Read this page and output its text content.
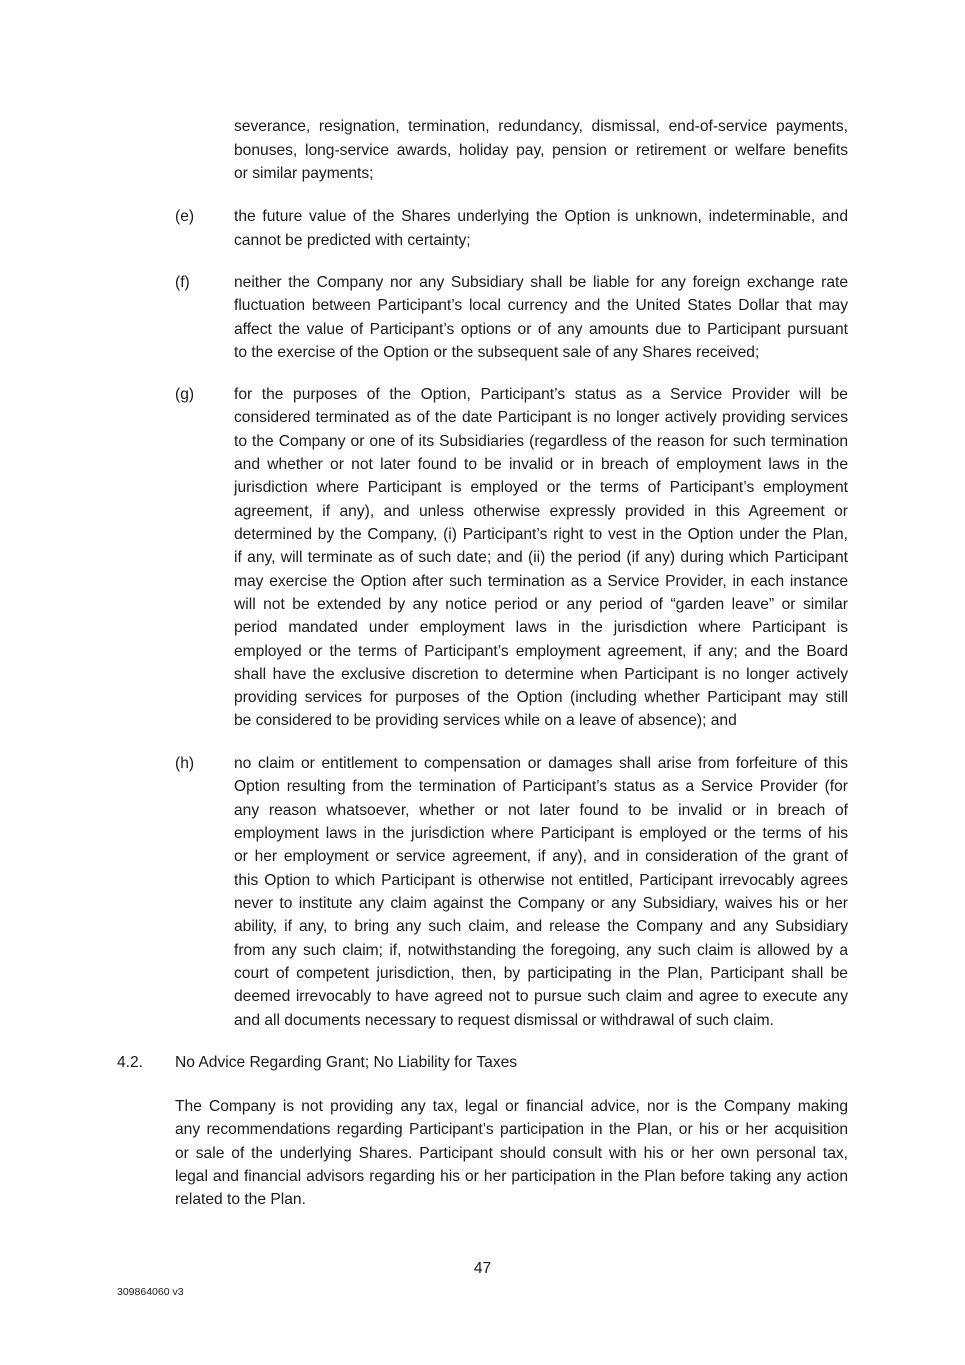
severance, resignation, termination, redundancy, dismissal, end-of-service payments,
bonuses, long-service awards, holiday pay, pension or retirement or welfare benefits
or similar payments;
(e)	the future value of the Shares underlying the Option is unknown, indeterminable, and
cannot be predicted with certainty;
(f)	neither the Company nor any Subsidiary shall be liable for any foreign exchange rate
fluctuation between Participant’s local currency and the United States Dollar that may
affect the value of Participant’s options or of any amounts due to Participant pursuant
to the exercise of the Option or the subsequent sale of any Shares received;
(g)	for the purposes of the Option, Participant’s status as a Service Provider will be
considered terminated as of the date Participant is no longer actively providing services
to the Company or one of its Subsidiaries (regardless of the reason for such termination
and whether or not later found to be invalid or in breach of employment laws in the
jurisdiction where Participant is employed or the terms of Participant’s employment
agreement, if any), and unless otherwise expressly provided in this Agreement or
determined by the Company, (i) Participant’s right to vest in the Option under the Plan,
if any, will terminate as of such date; and (ii) the period (if any) during which Participant
may exercise the Option after such termination as a Service Provider, in each instance
will not be extended by any notice period or any period of “garden leave” or similar
period mandated under employment laws in the jurisdiction where Participant is
employed or the terms of Participant’s employment agreement, if any; and the Board
shall have the exclusive discretion to determine when Participant is no longer actively
providing services for purposes of the Option (including whether Participant may still
be considered to be providing services while on a leave of absence); and
(h)	no claim or entitlement to compensation or damages shall arise from forfeiture of this
Option resulting from the termination of Participant’s status as a Service Provider (for
any reason whatsoever, whether or not later found to be invalid or in breach of
employment laws in the jurisdiction where Participant is employed or the terms of his
or her employment or service agreement, if any), and in consideration of the grant of
this Option to which Participant is otherwise not entitled, Participant irrevocably agrees
never to institute any claim against the Company or any Subsidiary, waives his or her
ability, if any, to bring any such claim, and release the Company and any Subsidiary
from any such claim; if, notwithstanding the foregoing, any such claim is allowed by a
court of competent jurisdiction, then, by participating in the Plan, Participant shall be
deemed irrevocably to have agreed not to pursue such claim and agree to execute any
and all documents necessary to request dismissal or withdrawal of such claim.
4.2. No Advice Regarding Grant; No Liability for Taxes
The Company is not providing any tax, legal or financial advice, nor is the Company making
any recommendations regarding Participant’s participation in the Plan, or his or her acquisition
or sale of the underlying Shares. Participant should consult with his or her own personal tax,
legal and financial advisors regarding his or her participation in the Plan before taking any action
related to the Plan.
47
309864060 v3
